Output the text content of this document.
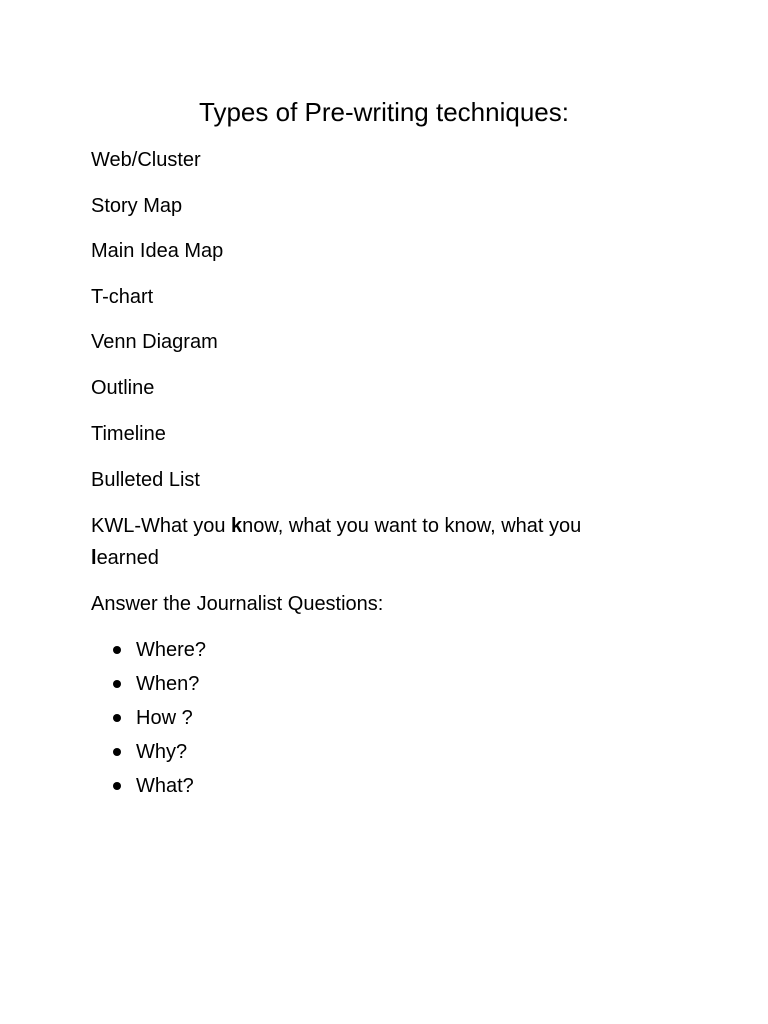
Types of Pre-writing techniques:
Web/Cluster
Story Map
Main Idea Map
T-chart
Venn Diagram
Outline
Timeline
Bulleted List
KWL-What you know, what you want to know, what you
learned
Answer the Journalist Questions:
Where?
When?
How ?
Why?
What?
